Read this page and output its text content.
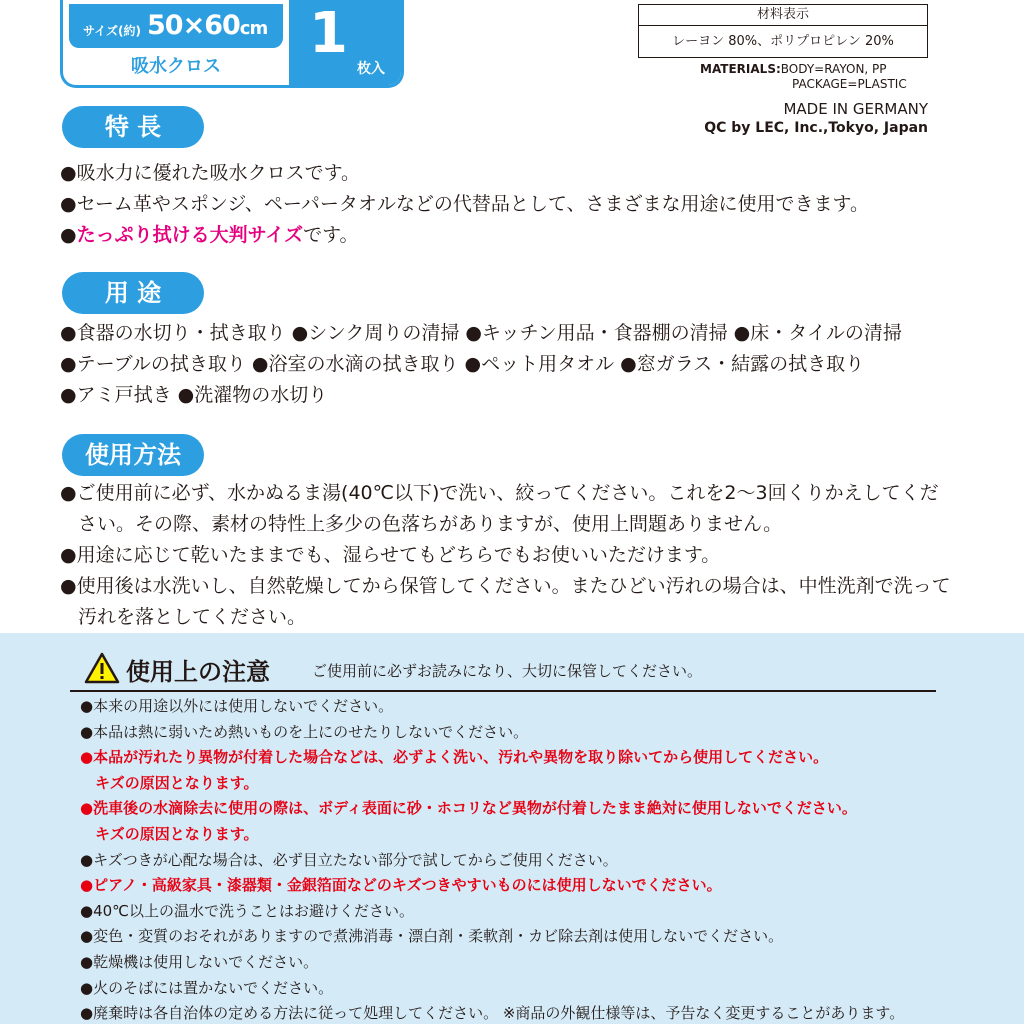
サイズ(約) 50×60cm
吸水クロス
1
枚入
材料表示
レーヨン 80%、ポリプロピレン 20%
MATERIALS:BODY=RAYON, PP
PACKAGE=PLASTIC
MADE IN GERMANY
QC by LEC, Inc.,Tokyo, Japan
特 長

●吸水力に優れた吸水クロスです。

●セーム革やスポンジ、ペーパータオルなどの代替品として、さまざまな用途に使用できます。

●たっぷり拭ける大判サイズです。

用 途

●食器の水切り・拭き取り ●シンク周りの清掃 ●キッチン用品・食器棚の清掃 ●床・タイルの清掃

●テーブルの拭き取り ●浴室の水滴の拭き取り ●ペット用タオル ●窓ガラス・結露の拭き取り

●アミ戸拭き ●洗濯物の水切り

使用方法

●ご使用前に必ず、水かぬるま湯(40℃以下)で洗い、絞ってください。これを2～3回くりかえしてくだ

さい。その際、素材の特性上多少の色落ちがありますが、使用上問題ありません。

●用途に応じて乾いたままでも、湿らせてもどちらでもお使いいただけます。

●使用後は水洗いし、自然乾燥してから保管してください。またひどい汚れの場合は、中性洗剤で洗って

汚れを落としてください。

使用上の注意	ご使用前に必ずお読みになり、大切に保管してください。

●本来の用途以外には使用しないでください。

●本品は熱に弱いため熱いものを上にのせたりしないでください。

●本品が汚れたり異物が付着した場合などは、必ずよく洗い、汚れや異物を取り除いてから使用してください。

　キズの原因となります。

●洗車後の水滴除去に使用の際は、ボディ表面に砂・ホコリなど異物が付着したまま絶対に使用しないでください。

　キズの原因となります。

●キズつきが心配な場合は、必ず目立たない部分で試してからご使用ください。

●ピアノ・高級家具・漆器類・金銀箔面などのキズつきやすいものには使用しないでください。

●40℃以上の温水で洗うことはお避けください。

●変色・変質のおそれがありますので煮沸消毒・漂白剤・柔軟剤・カビ除去剤は使用しないでください。

●乾燥機は使用しないでください。

●火のそばには置かないでください。

●廃棄時は各自治体の定める方法に従って処理してください。 ※商品の外観仕様等は、予告なく変更することがあります。
